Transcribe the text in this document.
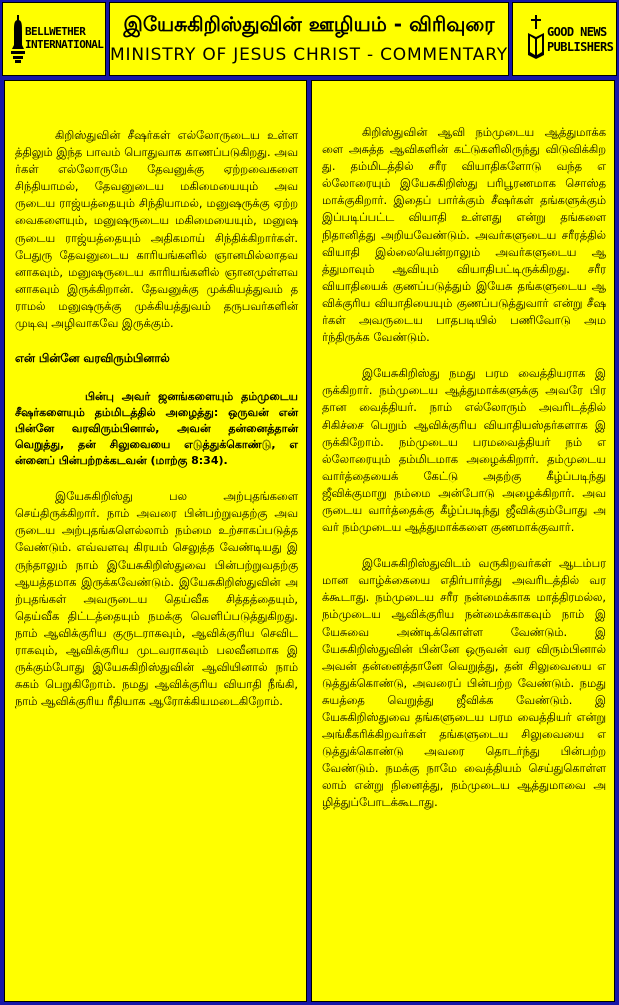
BELLWETHER
INTERNATIONAL
இயேசுகிறிஸ்துவின் ஊழியம் - விரிவுரை
MINISTRY OF JESUS CHRIST - COMMENTARY
GOOD NEWS
PUBLISHERS

கிறிஸ்துவின் சீஷர்கள் எல்லோருடைய உள்ளத்திலும் இந்த பாவம் பொதுவாக காணப்படுகிறது. அவர்கள் எல்லோருமே தேவனுக்கு ஏற்றவைகளை சிந்தியாமல், தேவனுடைய மகிமையையும் அவருடைய ராஜ்யத்தையும் சிந்தியாமல், மனுஷருக்கு ஏற்றவைகளையும், மனுஷருடைய மகிமையையும், மனுஷருடைய ராஜ்யத்தையும் அதிகமாய் சிந்திக்கிறார்கள். பேதுரு தேவனுடைய காரியங்களில் ஞானமில்லாதவனாகவும், மனுஷருடைய காரியங்களில் ஞானமுள்ளவனாகவும் இருக்கிறான். தேவனுக்கு முக்கியத்துவம் தராமல் மனுஷருக்கு முக்கியத்துவம் தருபவர்களின் முடிவு அழிவாகவே இருக்கும்.

என் பின்னே வரவிரும்பினால்

பின்பு அவர் ஜனங்களையும் தம்முடைய சீஷர்களையும் தம்மிடத்தில் அழைத்து: ஒருவன் என் பின்னே வரவிரும்பினால், அவன் தன்னைத்தான் வெறுத்து, தன் சிலுவையை எடுத்துக்கொண்டு, என்னைப் பின்பற்றக்கடவன் (மாற்கு 8:34).

இயேசுகிறிஸ்து பல அற்புதங்களை செய்திருக்கிறார். நாம் அவரை பின்பற்றுவதற்கு அவருடைய அற்புதங்களெல்லாம் நம்மை உற்சாகப்படுத்த வேண்டும். எவ்வளவு கிரயம் செலுத்த வேண்டியது இருந்தாலும் நாம் இயேசுகிறிஸ்துவை பின்பற்றுவதற்கு ஆயத்தமாக இருக்கவேண்டும். இயேசுகிறிஸ்துவின் அற்புதங்கள் அவருடைய தெய்வீக சித்தத்தையும், தெய்வீக திட்டத்தையும் நமக்கு வெளிப்படுத்துகிறது. நாம் ஆவிக்குரிய குருடராகவும், ஆவிக்குரிய செவிடராகவும், ஆவிக்குரிய முடவராகவும் பலவீனமாக இருக்கும்போது இயேசுகிறிஸ்துவின் ஆவியினால் நாம் சுகம் பெறுகிறோம். நமது ஆவிக்குரிய வியாதி நீங்கி, நாம் ஆவிக்குரிய ரீதியாக ஆரோக்கியமடைகிறோம்.

கிறிஸ்துவின் ஆவி நம்முடைய ஆத்துமாக்களை அசுத்த ஆவிகளின் கட்டுகளிலிருந்து விடுவிக்கிறது. தம்மிடத்தில் சரீர வியாதிகளோடு வந்த எல்லோரையும் இயேசுகிறிஸ்து பரிபூரணமாக சொஸ்தமாக்குகிறார். இதைப் பார்க்கும் சீஷர்கள் தங்களுக்கும் இப்படிப்பட்ட வியாதி உள்ளது என்று தங்களை நிதானித்து அறியவேண்டும். அவர்களுடைய சரீரத்தில் வியாதி இல்லையென்றாலும் அவர்களுடைய ஆத்துமாவும் ஆவியும் வியாதிபட்டிருக்கிறது. சரீர வியாதியைக் குணப்படுத்தும் இயேசு தங்களுடைய ஆவிக்குரிய வியாதியையும் குணப்படுத்துவார் என்று சீஷர்கள் அவருடைய பாதபடியில் பணிவோடு அமர்ந்திருக்க வேண்டும்.

இயேசுகிறிஸ்து நமது பரம வைத்தியராக இருக்கிறார். நம்முடைய ஆத்துமாக்களுக்கு அவரே பிரதான வைத்தியர். நாம் எல்லோரும் அவரிடத்தில் சிகிச்சை பெறும் ஆவிக்குரிய வியாதியஸ்தர்களாக இருக்கிறோம். நம்முடைய பரமவைத்தியர் நம் எல்லோரையும் தம்மிடமாக அழைக்கிறார். தம்முடைய வார்த்தையைக் கேட்டு அதற்கு கீழ்ப்படிந்து ஜீவிக்குமாறு நம்மை அன்போடு அழைக்கிறார். அவருடைய வார்த்தைக்கு கீழ்ப்படிந்து ஜீவிக்கும்போது அவர் நம்முடைய ஆத்துமாக்களை குணமாக்குவார்.

இயேசுகிறிஸ்துவிடம் வருகிறவர்கள் ஆடம்பரமான வாழ்க்கையை எதிர்பார்த்து அவரிடத்தில் வரக்கூடாது. நம்முடைய சரீர நன்மைக்காக மாத்திரமல்ல, நம்முடைய ஆவிக்குரிய நன்மைக்காகவும் நாம் இயேசுவை அண்டிக்கொள்ள வேண்டும். இயேசுகிறிஸ்துவின் பின்னே ஒருவன் வர விரும்பினால் அவன் தன்னைத்தானே வெறுத்து, தன் சிலுவையை எடுத்துக்கொண்டு, அவரைப் பின்பற்ற வேண்டும். நமது சுயத்தை வெறுத்து ஜீவிக்க வேண்டும். இயேசுகிறிஸ்துவை தங்களுடைய பரம வைத்தியர் என்று அங்கீகரிக்கிறவர்கள் தங்களுடைய சிலுவையை எடுத்துக்கொண்டு அவரை தொடர்ந்து பின்பற்ற வேண்டும். நமக்கு நாமே வைத்தியம் செய்துகொள்ளலாம் என்று நினைத்து, நம்முடைய ஆத்துமாவை அழித்துப்போடக்கூடாது.
